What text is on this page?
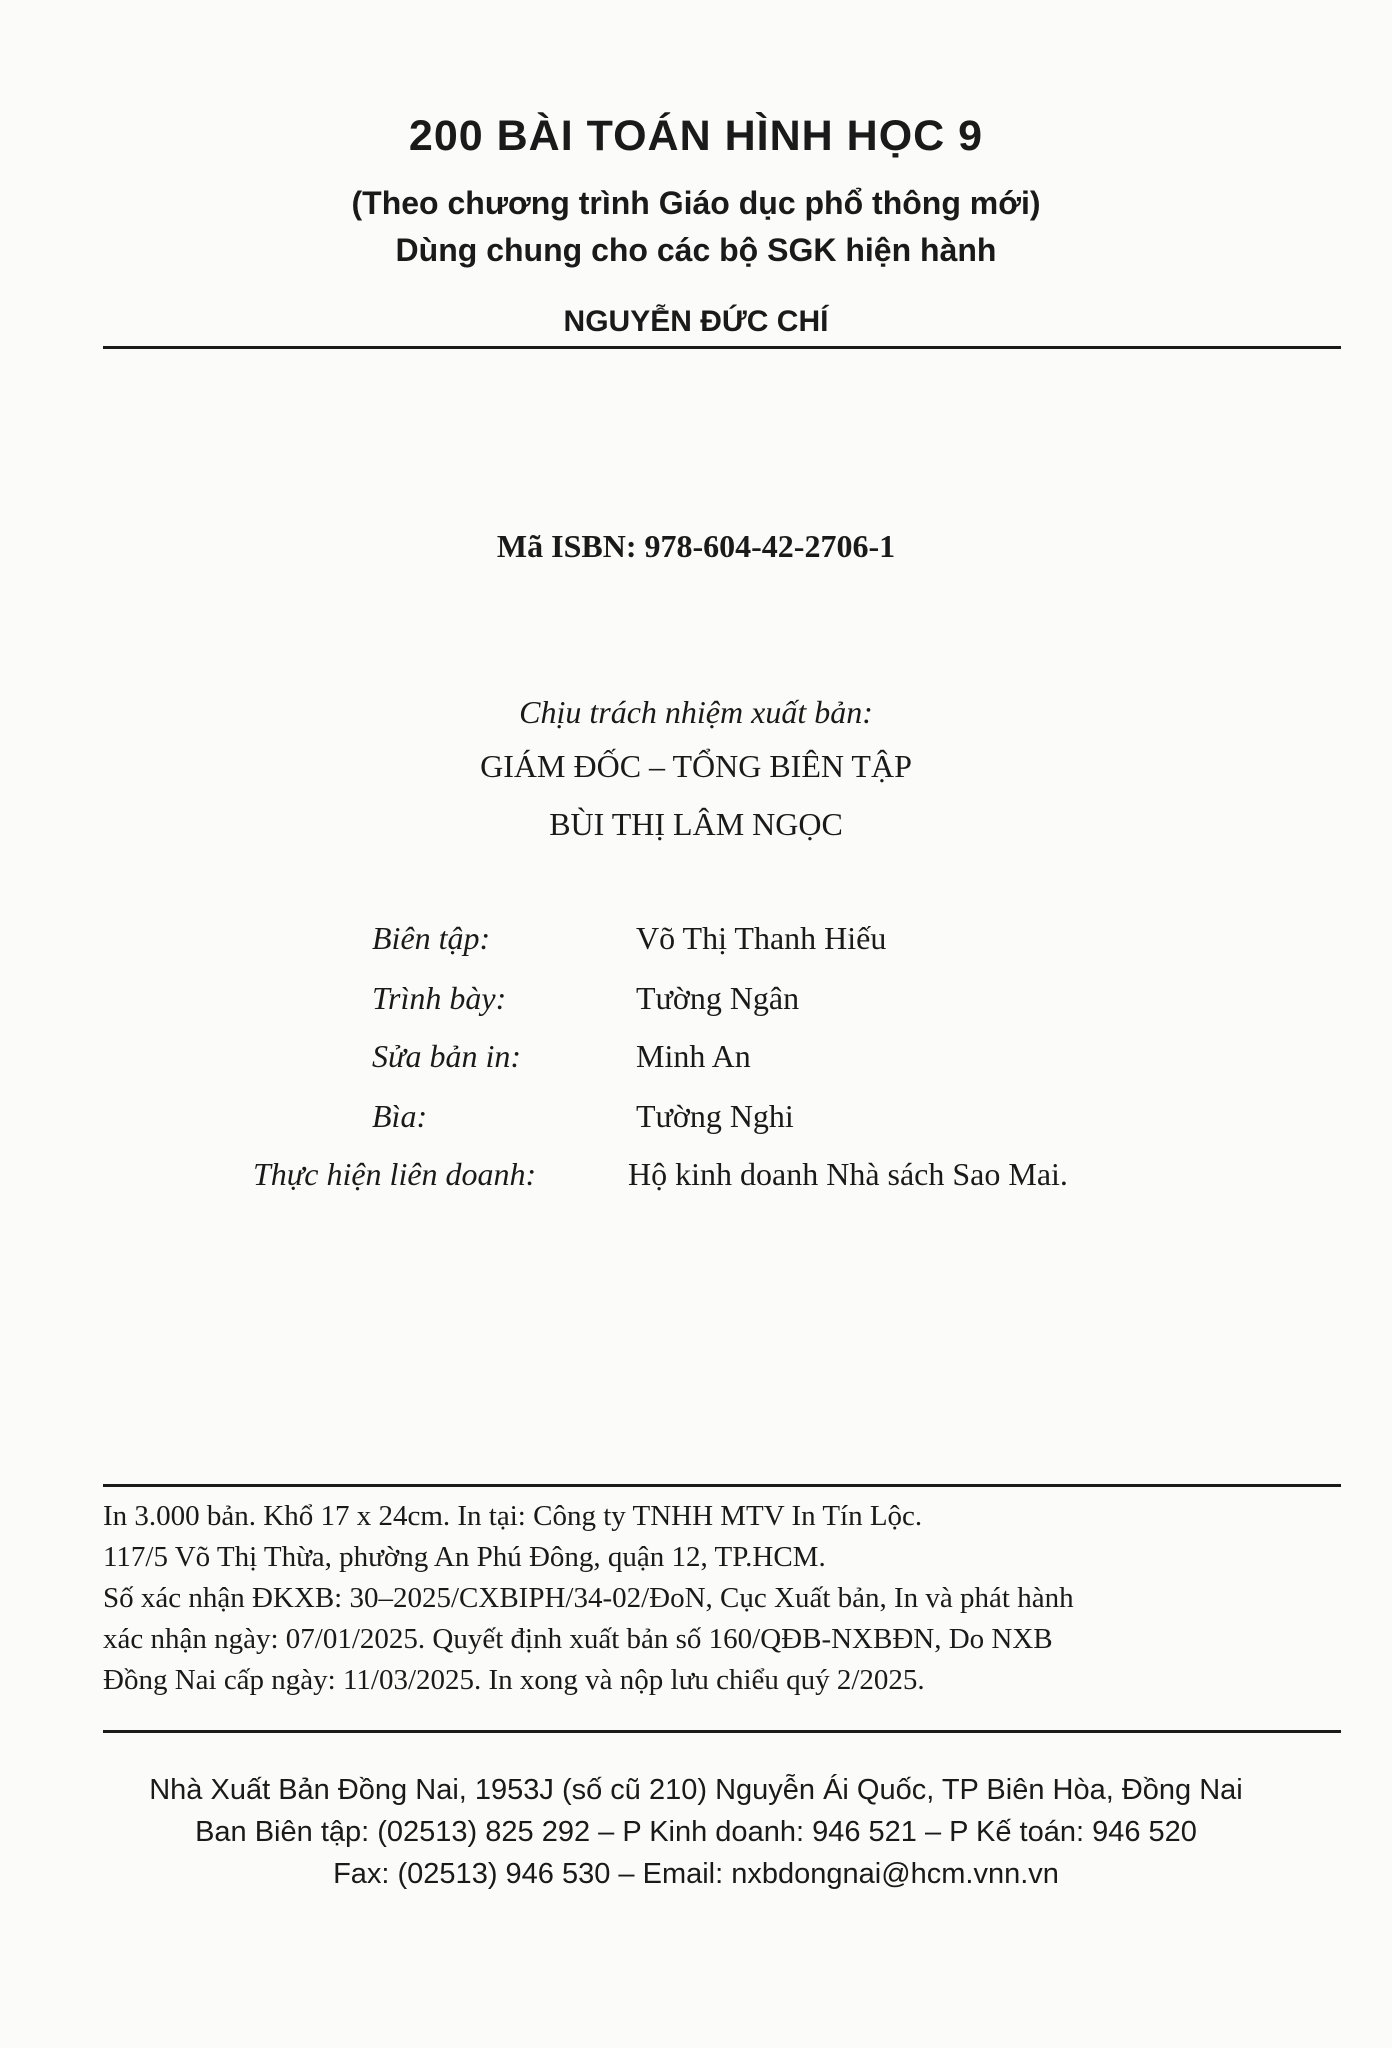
200 BÀI TOÁN HÌNH HỌC 9
(Theo chương trình Giáo dục phổ thông mới)
Dùng chung cho các bộ SGK hiện hành
NGUYỄN ĐỨC CHÍ
Mã ISBN: 978-604-42-2706-1
Chịu trách nhiệm xuất bản:
GIÁM ĐỐC – TỔNG BIÊN TẬP
BÙI THỊ LÂM NGỌC
Biên tập:	Võ Thị Thanh Hiếu
Trình bày:	Tường Ngân
Sửa bản in:	Minh An
Bìa:	Tường Nghi
Thực hiện liên doanh:	Hộ kinh doanh Nhà sách Sao Mai.
In 3.000 bản. Khổ 17 x 24cm. In tại: Công ty TNHH MTV In Tín Lộc.
117/5 Võ Thị Thừa, phường An Phú Đông, quận 12, TP.HCM.
Số xác nhận ĐKXB: 30–2025/CXBIPH/34-02/ĐoN, Cục Xuất bản, In và phát hành
xác nhận ngày: 07/01/2025. Quyết định xuất bản số 160/QĐB-NXBĐN, Do NXB
Đồng Nai cấp ngày: 11/03/2025. In xong và nộp lưu chiểu quý 2/2025.
Nhà Xuất Bản Đồng Nai, 1953J (số cũ 210) Nguyễn Ái Quốc, TP Biên Hòa, Đồng Nai
Ban Biên tập: (02513) 825 292 – P Kinh doanh: 946 521 – P Kế toán: 946 520
Fax: (02513) 946 530 – Email: nxbdongnai@hcm.vnn.vn
